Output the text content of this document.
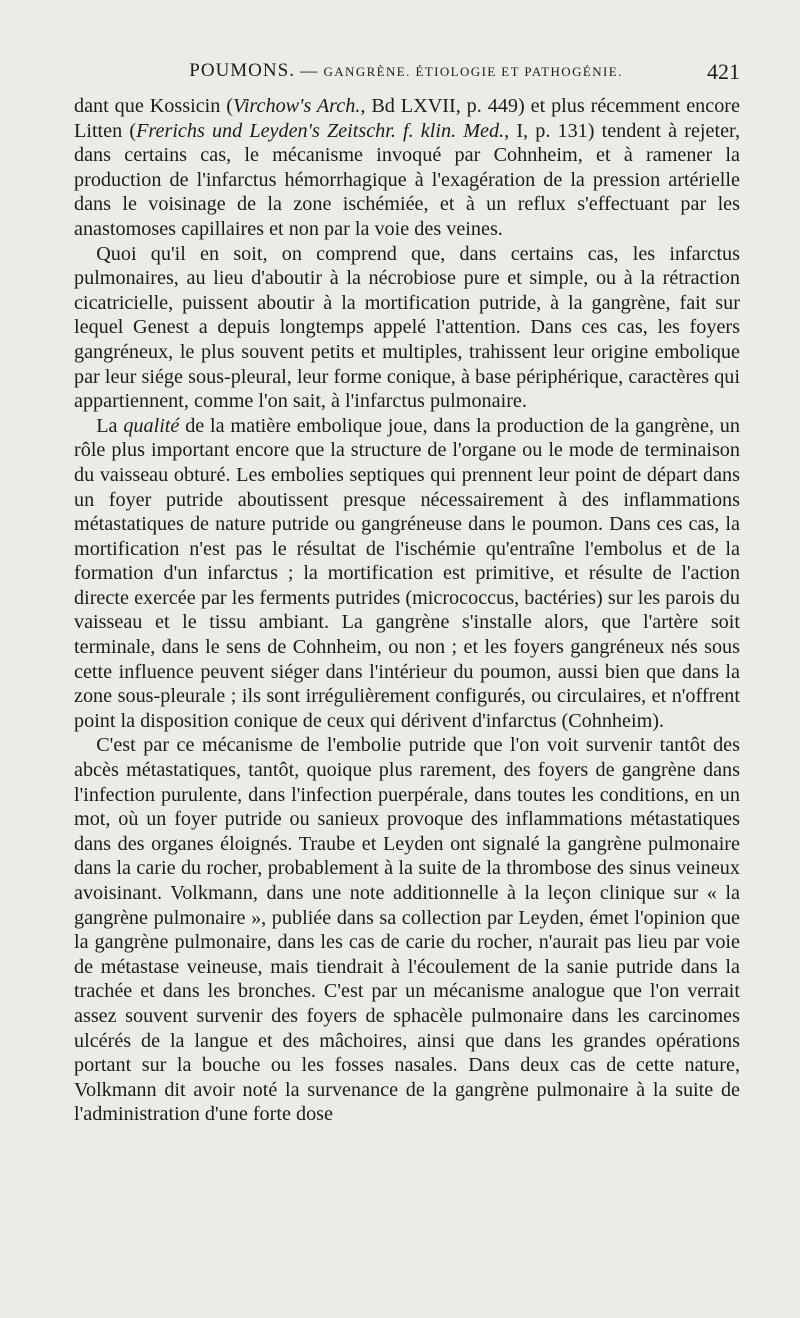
POUMONS. — GANGRÈNE. ÉTIOLOGIE ET PATHOGÉNIE.	421

dant que Kossicin (Virchow's Arch., Bd LXVII, p. 449) et plus récemment encore Litten (Frerichs und Leyden's Zeitschr. f. klin. Med., I, p. 131) tendent à rejeter, dans certains cas, le mécanisme invoqué par Cohnheim, et à ramener la production de l'infarctus hémorrhagique à l'exagération de la pression artérielle dans le voisinage de la zone ischémiée, et à un reflux s'effectuant par les anastomoses capillaires et non par la voie des veines.

Quoi qu'il en soit, on comprend que, dans certains cas, les infarctus pulmonaires, au lieu d'aboutir à la nécrobiose pure et simple, ou à la rétraction cicatricielle, puissent aboutir à la mortification putride, à la gangrène, fait sur lequel Genest a depuis longtemps appelé l'attention. Dans ces cas, les foyers gangréneux, le plus souvent petits et multiples, trahissent leur origine embolique par leur siége sous-pleural, leur forme conique, à base périphérique, caractères qui appartiennent, comme l'on sait, à l'infarctus pulmonaire.

La qualité de la matière embolique joue, dans la production de la gangrène, un rôle plus important encore que la structure de l'organe ou le mode de terminaison du vaisseau obturé. Les embolies septiques qui prennent leur point de départ dans un foyer putride aboutissent presque nécessairement à des inflammations métastatiques de nature putride ou gangréneuse dans le poumon. Dans ces cas, la mortification n'est pas le résultat de l'ischémie qu'entraîne l'embolus et de la formation d'un infarctus ; la mortification est primitive, et résulte de l'action directe exercée par les ferments putrides (micrococcus, bactéries) sur les parois du vaisseau et le tissu ambiant. La gangrène s'installe alors, que l'artère soit terminale, dans le sens de Cohnheim, ou non ; et les foyers gangréneux nés sous cette influence peuvent siéger dans l'intérieur du poumon, aussi bien que dans la zone sous-pleurale ; ils sont irrégulièrement configurés, ou circulaires, et n'offrent point la disposition conique de ceux qui dérivent d'infarctus (Cohnheim).

C'est par ce mécanisme de l'embolie putride que l'on voit survenir tantôt des abcès métastatiques, tantôt, quoique plus rarement, des foyers de gangrène dans l'infection purulente, dans l'infection puerpérale, dans toutes les conditions, en un mot, où un foyer putride ou sanieux provoque des inflammations métastatiques dans des organes éloignés. Traube et Leyden ont signalé la gangrène pulmonaire dans la carie du rocher, probablement à la suite de la thrombose des sinus veineux avoisinant. Volkmann, dans une note additionnelle à la leçon clinique sur « la gangrène pulmonaire », publiée dans sa collection par Leyden, émet l'opinion que la gangrène pulmonaire, dans les cas de carie du rocher, n'aurait pas lieu par voie de métastase veineuse, mais tiendrait à l'écoulement de la sanie putride dans la trachée et dans les bronches. C'est par un mécanisme analogue que l'on verrait assez souvent survenir des foyers de sphacèle pulmonaire dans les carcinomes ulcérés de la langue et des mâchoires, ainsi que dans les grandes opérations portant sur la bouche ou les fosses nasales. Dans deux cas de cette nature, Volkmann dit avoir noté la survenance de la gangrène pulmonaire à la suite de l'administration d'une forte dose
